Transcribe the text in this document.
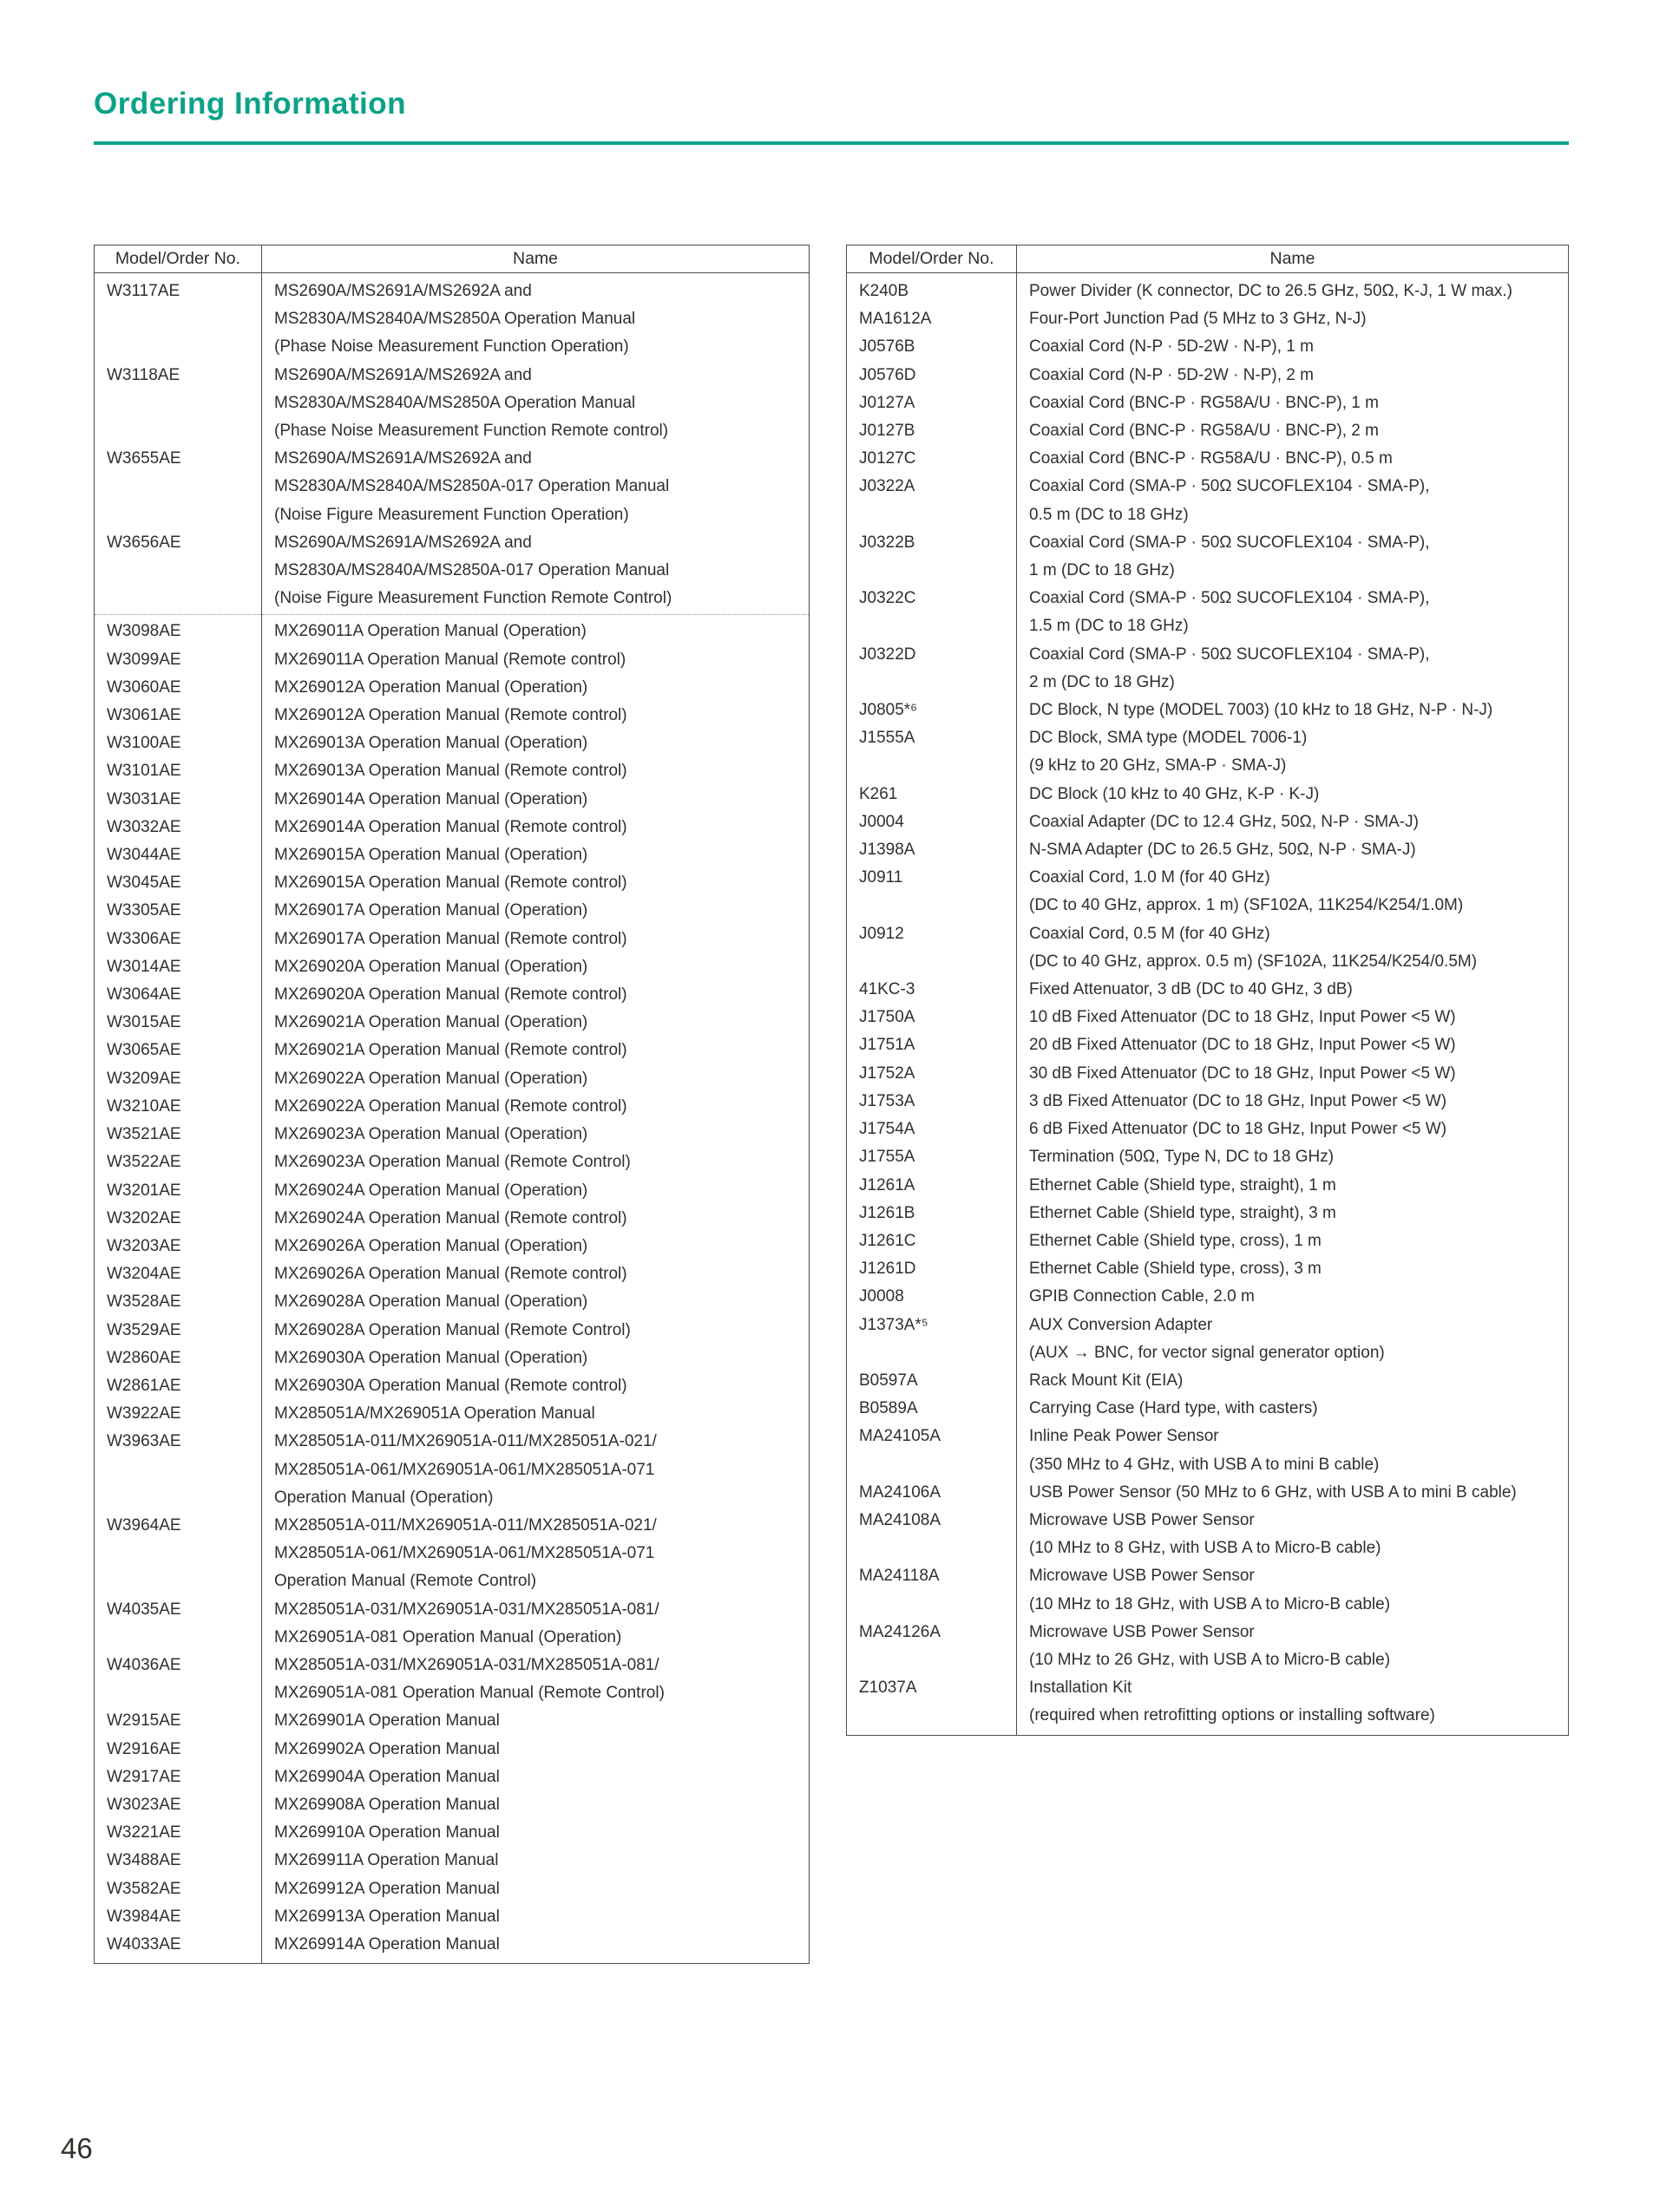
Ordering Information
Model/Order No.	Name
W3117AE	MS2690A/MS2691A/MS2692A and
MS2830A/MS2840A/MS2850A Operation Manual
(Phase Noise Measurement Function Operation)

W3118AE	MS2690A/MS2691A/MS2692A and
MS2830A/MS2840A/MS2850A Operation Manual
(Phase Noise Measurement Function Remote control)

W3655AE	MS2690A/MS2691A/MS2692A and
MS2830A/MS2840A/MS2850A-017 Operation Manual
(Noise Figure Measurement Function Operation)

W3656AE	MS2690A/MS2691A/MS2692A and
MS2830A/MS2840A/MS2850A-017 Operation Manual
(Noise Figure Measurement Function Remote Control)

W3098AE	MX269011A Operation Manual (Operation)

W3099AE	MX269011A Operation Manual (Remote control)

W3060AE	MX269012A Operation Manual (Operation)

W3061AE	MX269012A Operation Manual (Remote control)

W3100AE	MX269013A Operation Manual (Operation)

W3101AE	MX269013A Operation Manual (Remote control)

W3031AE	MX269014A Operation Manual (Operation)

W3032AE	MX269014A Operation Manual (Remote control)

W3044AE	MX269015A Operation Manual (Operation)

W3045AE	MX269015A Operation Manual (Remote control)

W3305AE	MX269017A Operation Manual (Operation)

W3306AE	MX269017A Operation Manual (Remote control)

W3014AE	MX269020A Operation Manual (Operation)

W3064AE	MX269020A Operation Manual (Remote control)

W3015AE	MX269021A Operation Manual (Operation)

W3065AE	MX269021A Operation Manual (Remote control)

W3209AE	MX269022A Operation Manual (Operation)

W3210AE	MX269022A Operation Manual (Remote control)

W3521AE	MX269023A Operation Manual (Operation)

W3522AE	MX269023A Operation Manual (Remote Control)

W3201AE	MX269024A Operation Manual (Operation)

W3202AE	MX269024A Operation Manual (Remote control)

W3203AE	MX269026A Operation Manual (Operation)

W3204AE	MX269026A Operation Manual (Remote control)

W3528AE	MX269028A Operation Manual (Operation)

W3529AE	MX269028A Operation Manual (Remote Control)

W2860AE	MX269030A Operation Manual (Operation)

W2861AE	MX269030A Operation Manual (Remote control)

W3922AE	MX285051A/MX269051A Operation Manual

W3963AE	MX285051A-011/MX269051A-011/MX285051A-021/
MX285051A-061/MX269051A-061/MX285051A-071
Operation Manual (Operation)

W3964AE	MX285051A-011/MX269051A-011/MX285051A-021/
MX285051A-061/MX269051A-061/MX285051A-071
Operation Manual (Remote Control)

W4035AE	MX285051A-031/MX269051A-031/MX285051A-081/
MX269051A-081 Operation Manual (Operation)

W4036AE	MX285051A-031/MX269051A-031/MX285051A-081/
MX269051A-081 Operation Manual (Remote Control)

W2915AE	MX269901A Operation Manual

W2916AE	MX269902A Operation Manual

W2917AE	MX269904A Operation Manual

W3023AE	MX269908A Operation Manual

W3221AE	MX269910A Operation Manual

W3488AE	MX269911A Operation Manual

W3582AE	MX269912A Operation Manual

W3984AE	MX269913A Operation Manual

W4033AE	MX269914A Operation Manual
Model/Order No.	Name
K240B	Power Divider (K connector, DC to 26.5 GHz, 50Ω, K-J, 1 W max.)

MA1612A	Four-Port Junction Pad (5 MHz to 3 GHz, N-J)

J0576B	Coaxial Cord (N-P · 5D-2W · N-P), 1 m

J0576D	Coaxial Cord (N-P · 5D-2W · N-P), 2 m

J0127A	Coaxial Cord (BNC-P · RG58A/U · BNC-P), 1 m

J0127B	Coaxial Cord (BNC-P · RG58A/U · BNC-P), 2 m

J0127C	Coaxial Cord (BNC-P · RG58A/U · BNC-P), 0.5 m

J0322A	Coaxial Cord (SMA-P · 50Ω SUCOFLEX104 · SMA-P),
0.5 m (DC to 18 GHz)

J0322B	Coaxial Cord (SMA-P · 50Ω SUCOFLEX104 · SMA-P),
1 m (DC to 18 GHz)

J0322C	Coaxial Cord (SMA-P · 50Ω SUCOFLEX104 · SMA-P),
1.5 m (DC to 18 GHz)

J0322D	Coaxial Cord (SMA-P · 50Ω SUCOFLEX104 · SMA-P),
2 m (DC to 18 GHz)

J0805*⁶	DC Block, N type (MODEL 7003) (10 kHz to 18 GHz, N-P · N-J)

J1555A	DC Block, SMA type (MODEL 7006-1)
(9 kHz to 20 GHz, SMA-P · SMA-J)

K261	DC Block (10 kHz to 40 GHz, K-P · K-J)

J0004	Coaxial Adapter (DC to 12.4 GHz, 50Ω, N-P · SMA-J)

J1398A	N-SMA Adapter (DC to 26.5 GHz, 50Ω, N-P · SMA-J)

J0911	Coaxial Cord, 1.0 M (for 40 GHz)
(DC to 40 GHz, approx. 1 m) (SF102A, 11K254/K254/1.0M)

J0912	Coaxial Cord, 0.5 M (for 40 GHz)
(DC to 40 GHz, approx. 0.5 m) (SF102A, 11K254/K254/0.5M)

41KC-3	Fixed Attenuator, 3 dB (DC to 40 GHz, 3 dB)

J1750A	10 dB Fixed Attenuator (DC to 18 GHz, Input Power <5 W)

J1751A	20 dB Fixed Attenuator (DC to 18 GHz, Input Power <5 W)

J1752A	30 dB Fixed Attenuator (DC to 18 GHz, Input Power <5 W)

J1753A	3 dB Fixed Attenuator (DC to 18 GHz, Input Power <5 W)

J1754A	6 dB Fixed Attenuator (DC to 18 GHz, Input Power <5 W)

J1755A	Termination (50Ω, Type N, DC to 18 GHz)

J1261A	Ethernet Cable (Shield type, straight), 1 m

J1261B	Ethernet Cable (Shield type, straight), 3 m

J1261C	Ethernet Cable (Shield type, cross), 1 m

J1261D	Ethernet Cable (Shield type, cross), 3 m

J0008	GPIB Connection Cable, 2.0 m

J1373A*⁵	AUX Conversion Adapter
(AUX → BNC, for vector signal generator option)

B0597A	Rack Mount Kit (EIA)

B0589A	Carrying Case (Hard type, with casters)

MA24105A	Inline Peak Power Sensor
(350 MHz to 4 GHz, with USB A to mini B cable)

MA24106A	USB Power Sensor (50 MHz to 6 GHz, with USB A to mini B cable)

MA24108A	Microwave USB Power Sensor
(10 MHz to 8 GHz, with USB A to Micro-B cable)

MA24118A	Microwave USB Power Sensor
(10 MHz to 18 GHz, with USB A to Micro-B cable)

MA24126A	Microwave USB Power Sensor
(10 MHz to 26 GHz, with USB A to Micro-B cable)

Z1037A	Installation Kit
(required when retrofitting options or installing software)
46
